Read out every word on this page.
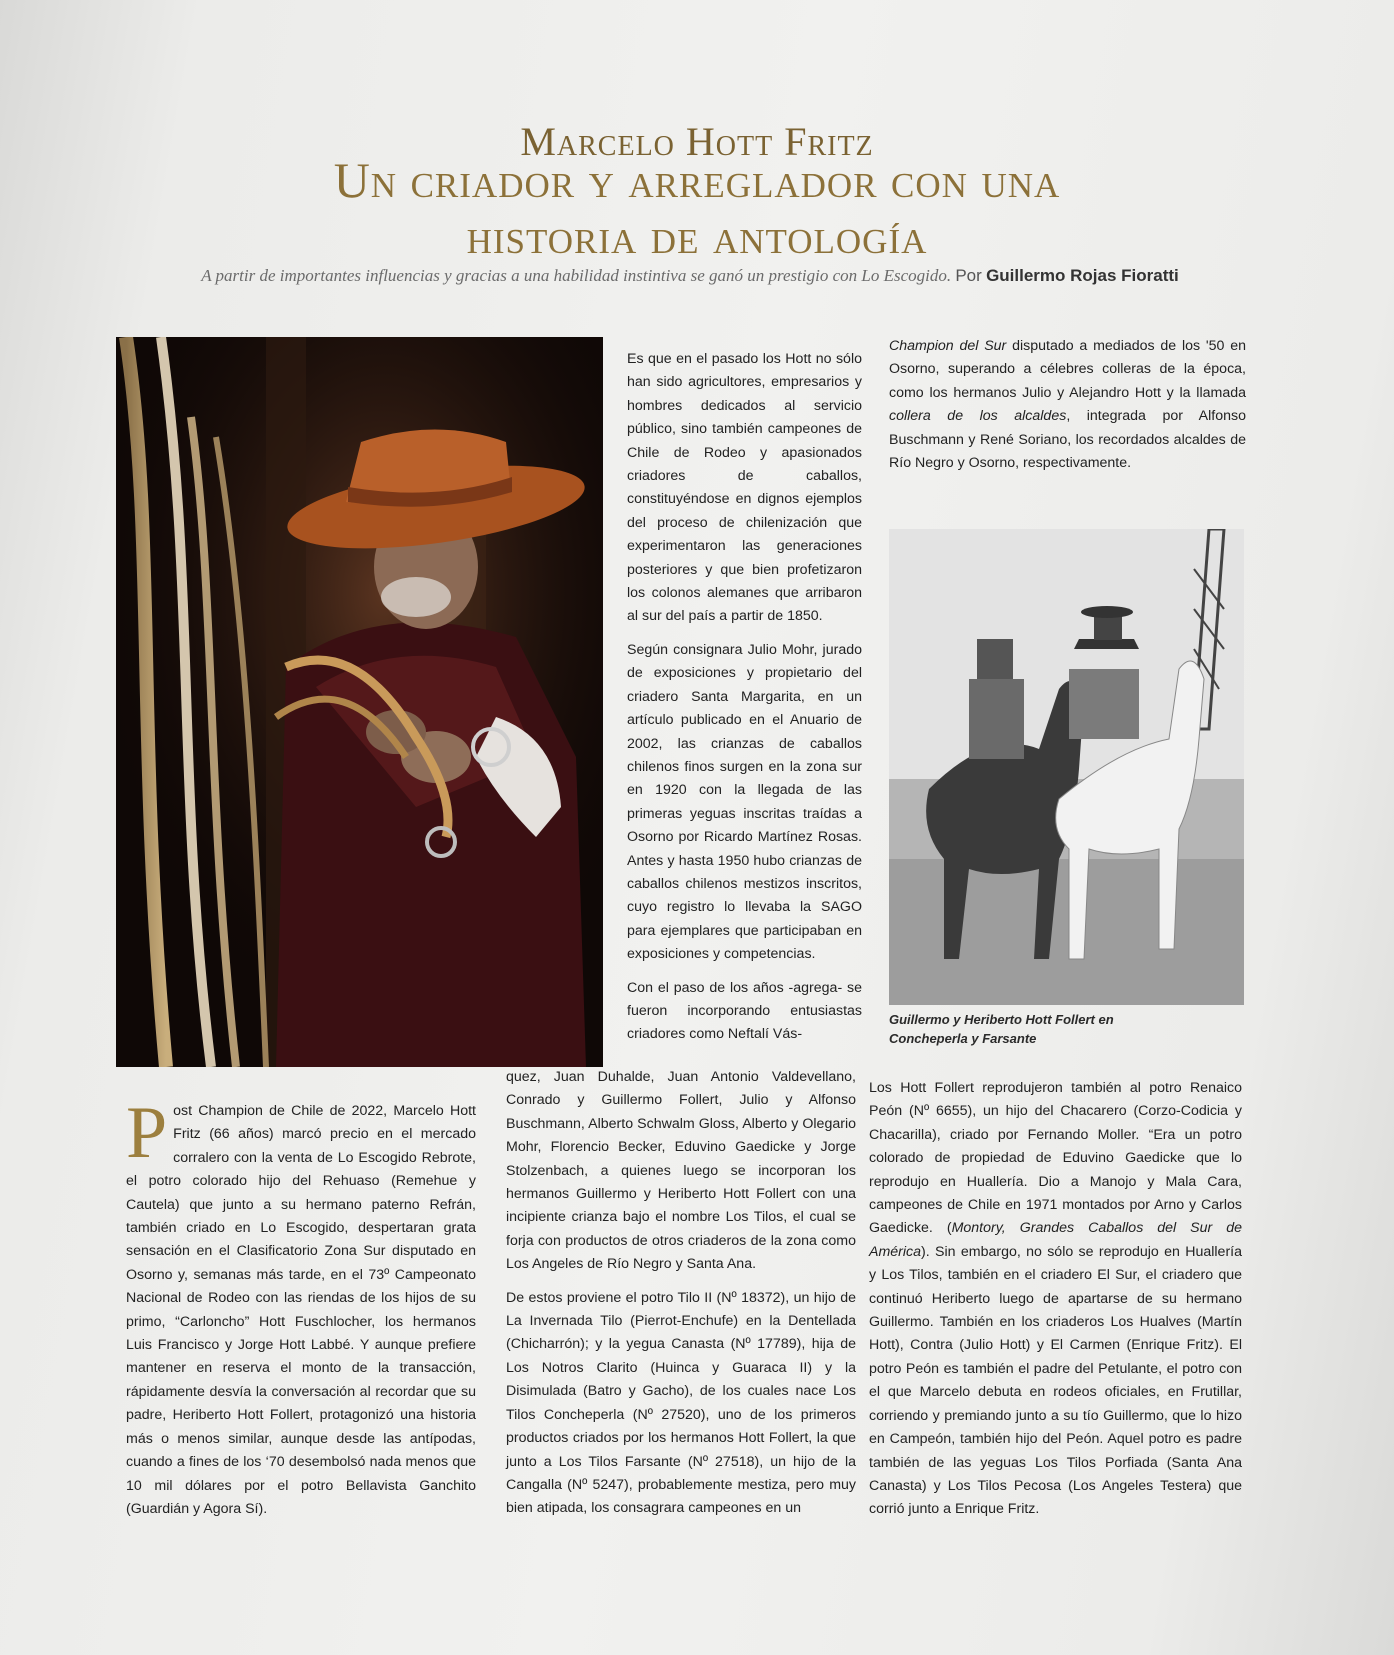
Marcelo Hott Fritz
Un criador y arreglador con una
historia de antología
A partir de importantes influencias y gracias a una habilidad instintiva se ganó un prestigio con Lo Escogido. Por Guillermo Rojas Fioratti
Guillermo y Heriberto Hott Follert en
Concheperla y Farsante

Post Champion de Chile de 2022, Marcelo Hott Fritz (66 años) marcó precio en el mercado corralero con la venta de Lo Escogido Rebrote, el potro colorado hijo del Rehuaso (Remehue y Cautela) que junto a su hermano paterno Refrán, también criado en Lo Escogido, despertaran grata sensación en el Clasificatorio Zona Sur disputado en Osorno y, semanas más tarde, en el 73º Campeonato Nacional de Rodeo con las riendas de los hijos de su primo, “Carloncho” Hott Fuschlocher, los hermanos Luis Francisco y Jorge Hott Labbé. Y aunque prefiere mantener en reserva el monto de la transacción, rápidamente desvía la conversación al recordar que su padre, Heriberto Hott Follert, protagonizó una historia más o menos similar, aunque desde las antípodas, cuando a fines de los ‘70 desembolsó nada menos que 10 mil dólares por el potro Bellavista Ganchito (Guardián y Agora Sí).

Es que en el pasado los Hott no sólo han sido agricultores, empresarios y hombres dedicados al servicio público, sino también campeones de Chile de Rodeo y apasionados criadores de caballos, constituyéndose en dignos ejemplos del proceso de chilenización que experimentaron las generaciones posteriores y que bien profetizaron los colonos alemanes que arribaron al sur del país a partir de 1850.

Según consignara Julio Mohr, jurado de exposiciones y propietario del criadero Santa Margarita, en un artículo publicado en el Anuario de 2002, las crianzas de caballos chilenos finos surgen en la zona sur en 1920 con la llegada de las primeras yeguas inscritas traídas a Osorno por Ricardo Martínez Rosas. Antes y hasta 1950 hubo crianzas de caballos chilenos mestizos inscritos, cuyo registro lo llevaba la SAGO para ejemplares que participaban en exposiciones y competencias.

Con el paso de los años -agrega- se fueron incorporando entusiastas criadores como Neftalí Vás-

quez, Juan Duhalde, Juan Antonio Valdevellano, Conrado y Guillermo Follert, Julio y Alfonso Buschmann, Alberto Schwalm Gloss, Alberto y Olegario Mohr, Florencio Becker, Eduvino Gaedicke y Jorge Stolzenbach, a quienes luego se incorporan los hermanos Guillermo y Heriberto Hott Follert con una incipiente crianza bajo el nombre Los Tilos, el cual se forja con productos de otros criaderos de la zona como Los Angeles de Río Negro y Santa Ana.

De estos proviene el potro Tilo II (Nº 18372), un hijo de La Invernada Tilo (Pierrot-Enchufe) en la Dentellada (Chicharrón); y la yegua Canasta (Nº 17789), hija de Los Notros Clarito (Huinca y Guaraca II) y la Disimulada (Batro y Gacho), de los cuales nace Los Tilos Concheperla (Nº 27520), uno de los primeros productos criados por los hermanos Hott Follert, la que junto a Los Tilos Farsante (Nº 27518), un hijo de la Cangalla (Nº 5247), probablemente mestiza, pero muy bien atipada, los consagrara campeones en un

Champion del Sur disputado a mediados de los '50 en Osorno, superando a célebres colleras de la época, como los hermanos Julio y Alejandro Hott y la llamada collera de los alcaldes, integrada por Alfonso Buschmann y René Soriano, los recordados alcaldes de Río Negro y Osorno, respectivamente.

Los Hott Follert reprodujeron también al potro Renaico Peón (Nº 6655), un hijo del Chacarero (Corzo-Codicia y Chacarilla), criado por Fernando Moller. “Era un potro colorado de propiedad de Eduvino Gaedicke que lo reprodujo en Huallería. Dio a Manojo y Mala Cara, campeones de Chile en 1971 montados por Arno y Carlos Gaedicke. (Montory, Grandes Caballos del Sur de América). Sin embargo, no sólo se reprodujo en Huallería y Los Tilos, también en el criadero El Sur, el criadero que continuó Heriberto luego de apartarse de su hermano Guillermo. También en los criaderos Los Hualves (Martín Hott), Contra (Julio Hott) y El Carmen (Enrique Fritz). El potro Peón es también el padre del Petulante, el potro con el que Marcelo debuta en rodeos oficiales, en Frutillar, corriendo y premiando junto a su tío Guillermo, que lo hizo en Campeón, también hijo del Peón. Aquel potro es padre también de las yeguas Los Tilos Porfiada (Santa Ana Canasta) y Los Tilos Pecosa (Los Angeles Testera) que corrió junto a Enrique Fritz.
